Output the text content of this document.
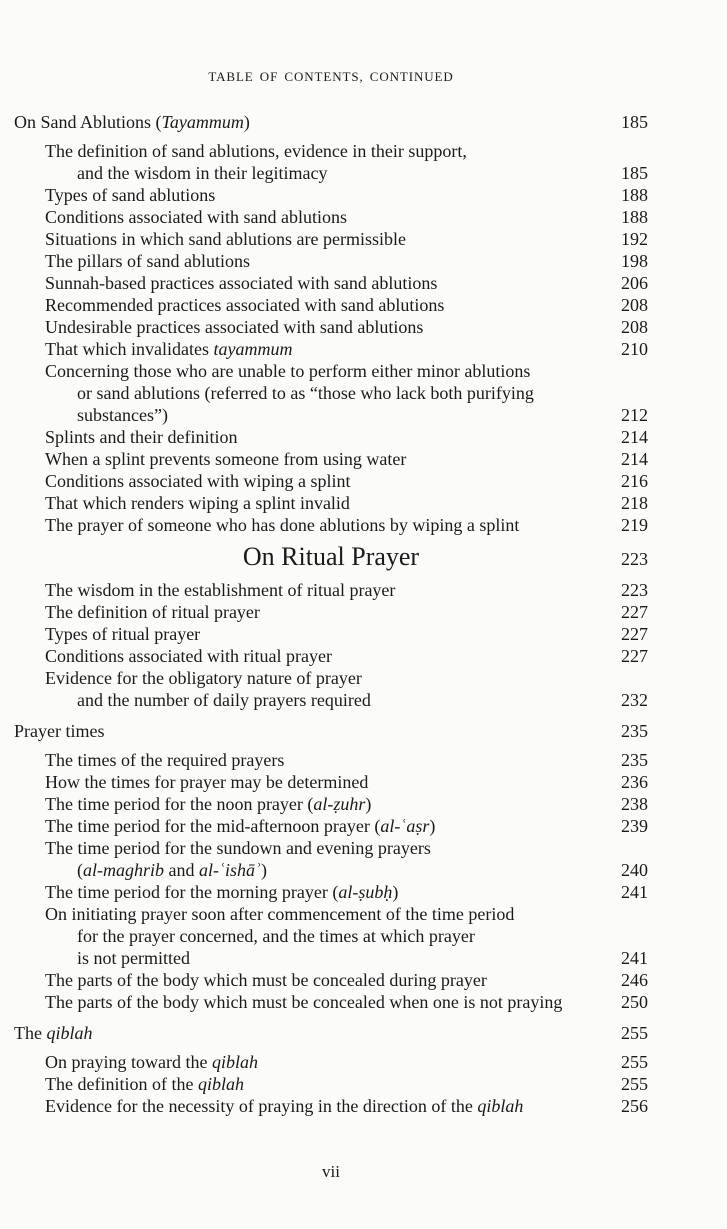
TABLE OF CONTENTS, CONTINUED
On Sand Ablutions (Tayammum)	185
The definition of sand ablutions, evidence in their support,
and the wisdom in their legitimacy	185
Types of sand ablutions	188
Conditions associated with sand ablutions	188
Situations in which sand ablutions are permissible	192
The pillars of sand ablutions	198
Sunnah-based practices associated with sand ablutions	206
Recommended practices associated with sand ablutions	208
Undesirable practices associated with sand ablutions	208
That which invalidates tayammum	210
Concerning those who are unable to perform either minor ablutions
or sand ablutions (referred to as “those who lack both purifying
substances”)	212
Splints and their definition	214
When a splint prevents someone from using water	214
Conditions associated with wiping a splint	216
That which renders wiping a splint invalid	218
The prayer of someone who has done ablutions by wiping a splint	219
On Ritual Prayer	223
The wisdom in the establishment of ritual prayer	223
The definition of ritual prayer	227
Types of ritual prayer	227
Conditions associated with ritual prayer	227
Evidence for the obligatory nature of prayer
and the number of daily prayers required	232
Prayer times	235
The times of the required prayers	235
How the times for prayer may be determined	236
The time period for the noon prayer (al-ẓuhr)	238
The time period for the mid-afternoon prayer (al-ʿaṣr)	239
The time period for the sundown and evening prayers
(al-maghrib and al-ʿishāʾ)	240
The time period for the morning prayer (al-ṣubḥ)	241
On initiating prayer soon after commencement of the time period
for the prayer concerned, and the times at which prayer
is not permitted	241
The parts of the body which must be concealed during prayer	246
The parts of the body which must be concealed when one is not praying	250
The qiblah	255
On praying toward the qiblah	255
The definition of the qiblah	255
Evidence for the necessity of praying in the direction of the qiblah	256
vii
